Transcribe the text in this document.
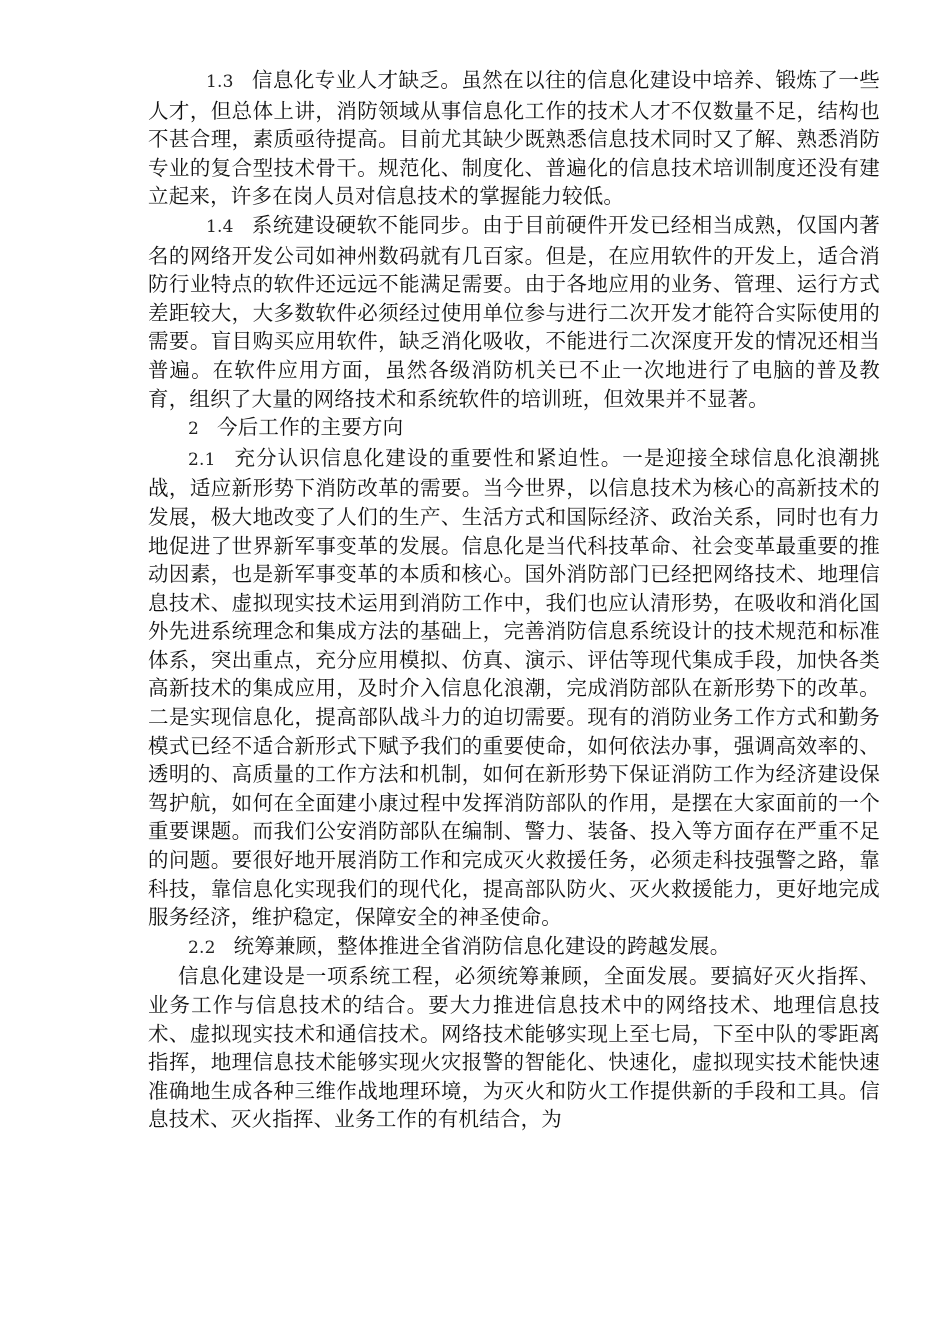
1.3 信息化专业人才缺乏。虽然在以往的信息化建设中培养、锻炼了一些人才，但总体上讲，消防领域从事信息化工作的技术人才不仅数量不足，结构也不甚合理，素质亟待提高。目前尤其缺少既熟悉信息技术同时又了解、熟悉消防专业的复合型技术骨干。规范化、制度化、普遍化的信息技术培训制度还没有建立起来，许多在岗人员对信息技术的掌握能力较低。

1.4 系统建设硬软不能同步。由于目前硬件开发已经相当成熟，仅国内著名的网络开发公司如神州数码就有几百家。但是，在应用软件的开发上，适合消防行业特点的软件还远远不能满足需要。由于各地应用的业务、管理、运行方式差距较大，大多数软件必须经过使用单位参与进行二次开发才能符合实际使用的需要。盲目购买应用软件，缺乏消化吸收，不能进行二次深度开发的情况还相当普遍。在软件应用方面，虽然各级消防机关已不止一次地进行了电脑的普及教育，组织了大量的网络技术和系统软件的培训班，但效果并不显著。

2 今后工作的主要方向

2.1 充分认识信息化建设的重要性和紧迫性。一是迎接全球信息化浪潮挑战，适应新形势下消防改革的需要。当今世界，以信息技术为核心的高新技术的发展，极大地改变了人们的生产、生活方式和国际经济、政治关系，同时也有力地促进了世界新军事变革的发展。信息化是当代科技革命、社会变革最重要的推动因素，也是新军事变革的本质和核心。国外消防部门已经把网络技术、地理信息技术、虚拟现实技术运用到消防工作中，我们也应认清形势，在吸收和消化国外先进系统理念和集成方法的基础上，完善消防信息系统设计的技术规范和标准体系，突出重点，充分应用模拟、仿真、演示、评估等现代集成手段，加快各类高新技术的集成应用，及时介入信息化浪潮，完成消防部队在新形势下的改革。二是实现信息化，提高部队战斗力的迫切需要。现有的消防业务工作方式和勤务模式已经不适合新形式下赋予我们的重要使命，如何依法办事，强调高效率的、透明的、高质量的工作方法和机制，如何在新形势下保证消防工作为经济建设保驾护航，如何在全面建小康过程中发挥消防部队的作用，是摆在大家面前的一个重要课题。而我们公安消防部队在编制、警力、装备、投入等方面存在严重不足的问题。要很好地开展消防工作和完成灭火救援任务，必须走科技强警之路，靠科技，靠信息化实现我们的现代化，提高部队防火、灭火救援能力，更好地完成服务经济，维护稳定，保障安全的神圣使命。

2.2 统筹兼顾，整体推进全省消防信息化建设的跨越发展。

信息化建设是一项系统工程，必须统筹兼顾，全面发展。要搞好灭火指挥、业务工作与信息技术的结合。要大力推进信息技术中的网络技术、地理信息技术、虚拟现实技术和通信技术。网络技术能够实现上至七局，下至中队的零距离指挥，地理信息技术能够实现火灾报警的智能化、快速化，虚拟现实技术能快速准确地生成各种三维作战地理环境，为灭火和防火工作提供新的手段和工具。信息技术、灭火指挥、业务工作的有机结合，为
